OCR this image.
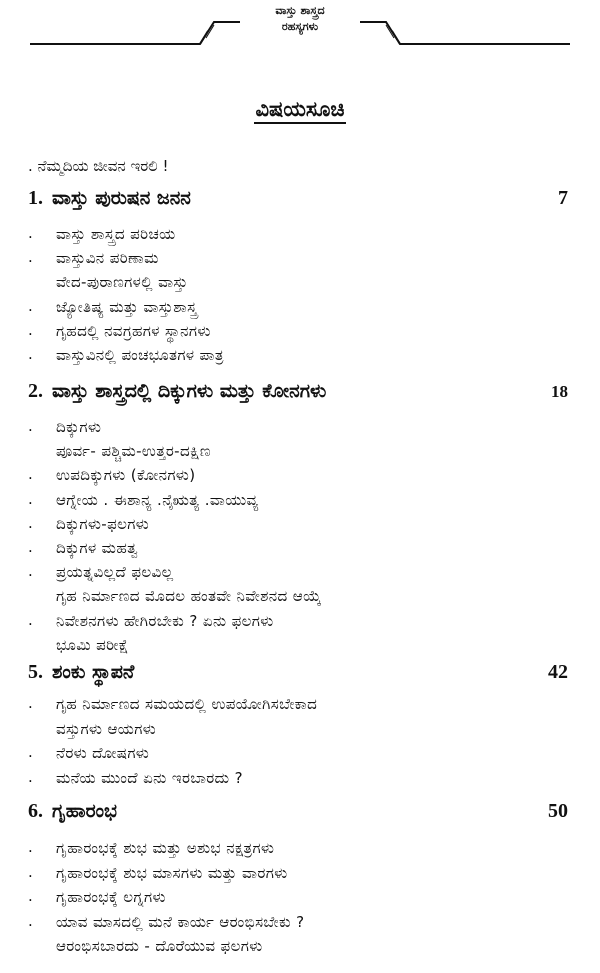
ವಾಸ್ತು ಶಾಸ್ತ್ರದ
ರಹಸ್ಯಗಳು
ವಿಷಯಸೂಚಿ
. ನೆಮ್ಮದಿಯ ಜೀವನ ಇರಲಿ !
1. ವಾಸ್ತು ಪುರುಷನ ಜನನ	7
. ವಾಸ್ತು ಶಾಸ್ತ್ರದ ಪರಿಚಯ
. ವಾಸ್ತುವಿನ ಪರಿಣಾಮ
ವೇದ-ಪುರಾಣಗಳಲ್ಲಿ ವಾಸ್ತು
. ಜ್ಯೋತಿಷ್ಯ ಮತ್ತು ವಾಸ್ತುಶಾಸ್ತ್ರ
. ಗೃಹದಲ್ಲಿ ನವಗ್ರಹಗಳ ಸ್ಥಾನಗಳು
. ವಾಸ್ತುವಿನಲ್ಲಿ ಪಂಚಭೂತಗಳ ಪಾತ್ರ
2. ವಾಸ್ತು ಶಾಸ್ತ್ರದಲ್ಲಿ ದಿಕ್ಕುಗಳು ಮತ್ತು ಕೋನಗಳು	18
. ದಿಕ್ಕುಗಳು
ಪೂರ್ವ- ಪಶ್ಚಿಮ-ಉತ್ತರ-ದಕ್ಷಿಣ
. ಉಪದಿಕ್ಕುಗಳು (ಕೋನಗಳು)
. ಆಗ್ನೇಯ . ಈಶಾನ್ಯ .ನೈಋತ್ಯ .ವಾಯುವ್ಯ
. ದಿಕ್ಕುಗಳು-ಫಲಗಳು
. ದಿಕ್ಕುಗಳ ಮಹತ್ವ
. ಪ್ರಯತ್ನವಿಲ್ಲದೆ ಫಲವಿಲ್ಲ
ಗೃಹ ನಿರ್ಮಾಣದ ಮೊದಲ ಹಂತವೇ ನಿವೇಶನದ ಆಯ್ಕೆ
. ನಿವೇಶನಗಳು ಹೇಗಿರಬೇಕು ? ಏನು ಫಲಗಳು
ಭೂಮಿ ಪರೀಕ್ಷೆ
5. ಶಂಕು ಸ್ಥಾಪನೆ	42
. ಗೃಹ ನಿರ್ಮಾಣದ ಸಮಯದಲ್ಲಿ ಉಪಯೋಗಿಸಬೇಕಾದ
ವಸ್ತುಗಳು ಆಯಗಳು
. ನೆರಳು ದೋಷಗಳು
. ಮನೆಯ ಮುಂದೆ ಏನು ಇರಬಾರದು ?
6. ಗೃಹಾರಂಭ	50
. ಗೃಹಾರಂಭಕ್ಕೆ ಶುಭ ಮತ್ತು ಅಶುಭ ನಕ್ಷತ್ರಗಳು
. ಗೃಹಾರಂಭಕ್ಕೆ ಶುಭ ಮಾಸಗಳು ಮತ್ತು ವಾರಗಳು
. ಗೃಹಾರಂಭಕ್ಕೆ ಲಗ್ನಗಳು
. ಯಾವ ಮಾಸದಲ್ಲಿ ಮನೆ ಕಾರ್ಯ ಆರಂಭಿಸಬೇಕು ?
ಆರಂಭಿಸಬಾರದು - ದೊರೆಯುವ ಫಲಗಳು
